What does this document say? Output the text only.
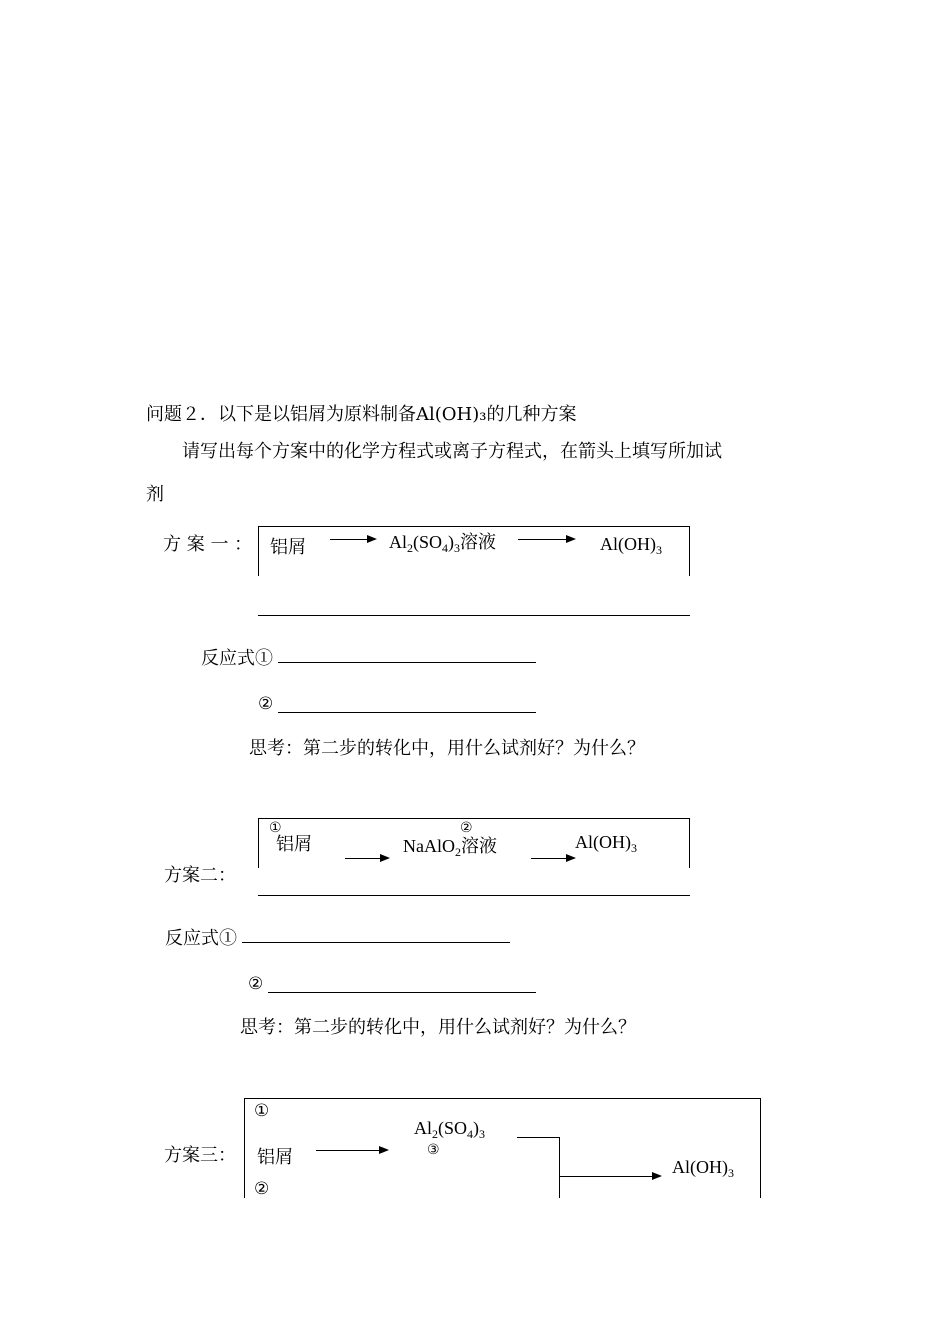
问题２．以下是以铝屑为原料制备Al(OH)₃的几种方案
请写出每个方案中的化学方程式或离子方程式，在箭头上填写所加试
剂
方 案 一 ： 铝屑	$Al_2(SO_4)_3$溶液	$Al(OH)_3$
反应式①
②
思考：第二步的转化中，用什么试剂好？为什么？
①
铝屑
②
NaAlO$_2$溶液	$Al(OH)_3$
方案二：
反应式①
②
思考：第二步的转化中，用什么试剂好？为什么？
①
方案三： 铝屑
$Al_2(SO_4)_3$
③
②
$Al(OH)_3$
